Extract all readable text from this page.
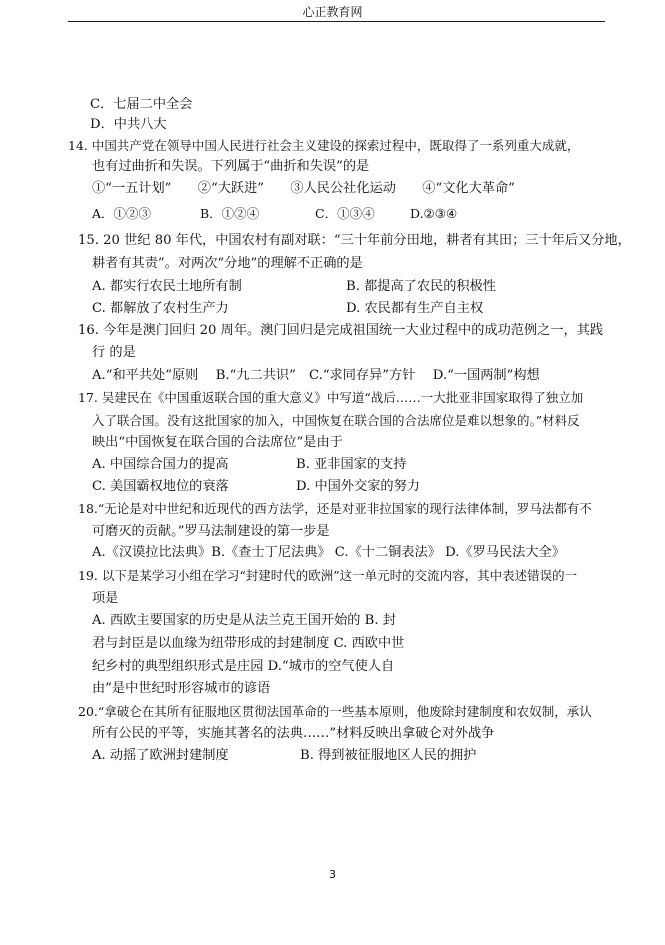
心正教育网
C．七届二中全会
D．中共八大
14. 中国共产党在领导中国人民进行社会主义建设的探索过程中，既取得了一系列重大成就，
也有过曲折和失误。下列属于“曲折和失误”的是
①“一五计划”　　②“大跃进”　　③人民公社化运动　　④“文化大革命”
A．①②③	B．①②④	C．①③④	D.②③④
15. 20 世纪 80 年代，中国农村有副对联：“三十年前分田地，耕者有其田；三十年后又分地，
耕者有其责”。对两次“分地”的理解不正确的是
A. 都实行农民土地所有制	B. 都提高了农民的积极性
C. 都解放了农村生产力	D. 农民都有生产自主权
16. 今年是澳门回归 20 周年。澳门回归是完成祖国统一大业过程中的成功范例之一，其践
行 的是
A.“和平共处”原则　 B.“九二共识”　C.“求同存异”方针　 D.“一国两制”构想
17. 吴建民在《中国重返联合国的重大意义》中写道“战后……一大批亚非国家取得了独立加
入了联合国。没有这批国家的加入，中国恢复在联合国的合法席位是难以想象的。”材料反
映出“中国恢复在联合国的合法席位”是由于
A. 中国综合国力的提高	B. 亚非国家的支持
C. 美国霸权地位的衰落	D. 中国外交家的努力
18.“无论是对中世纪和近现代的西方法学，还是对亚非拉国家的现行法律体制，罗马法都有不
可磨灭的贡献。”罗马法制建设的第一步是
A.《汉谟拉比法典》B.《查士丁尼法典》 C.《十二铜表法》 D.《罗马民法大全》
19. 以下是某学习小组在学习“封建时代的欧洲”这一单元时的交流内容，其中表述错误的一
项是
A. 西欧主要国家的历史是从法兰克王国开始的 B. 封
君与封臣是以血缘为纽带形成的封建制度 C. 西欧中世
纪乡村的典型组织形式是庄园 D.“城市的空气使人自
由”是中世纪时形容城市的谚语
20.“拿破仑在其所有征服地区贯彻法国革命的一些基本原则，他废除封建制度和农奴制，承认
所有公民的平等，实施其著名的法典……”材料反映出拿破仑对外战争
A. 动摇了欧洲封建制度	B. 得到被征服地区人民的拥护
3
